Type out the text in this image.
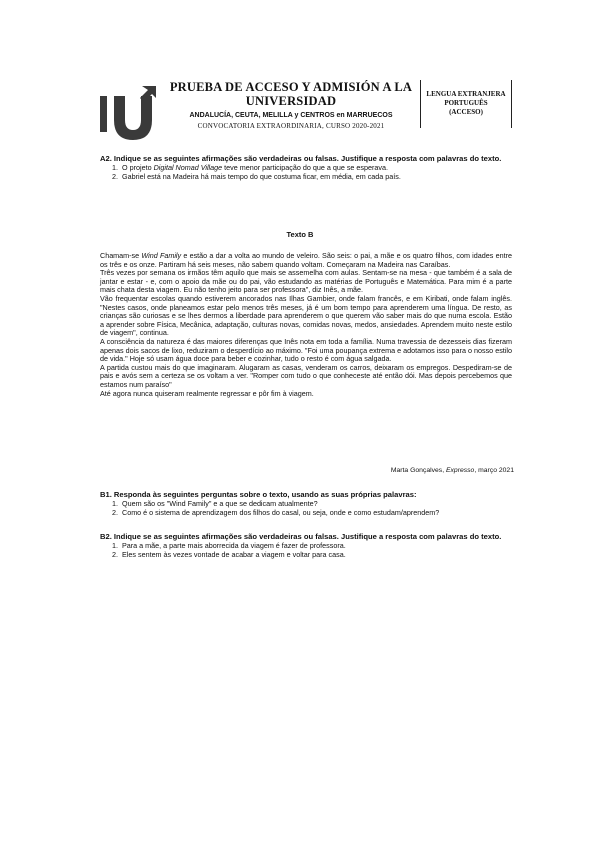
PRUEBA DE ACCESO Y ADMISIÓN A LA
UNIVERSIDAD
ANDALUCÍA, CEUTA, MELILLA y CENTROS en MARRUECOS
CONVOCATORIA EXTRAORDINARIA, CURSO 2020-2021
LENGUA EXTRANJERA
PORTUGUÊS
(ACCESO)
A2. Indique se as seguintes afirmações são verdadeiras ou falsas. Justifique a resposta com palavras do texto.
1. O projeto Digital Nomad Village teve menor participação do que a que se esperava.
2. Gabriel está na Madeira há mais tempo do que costuma ficar, em média, em cada país.
Texto B

Chamam-se Wind Family e estão a dar a volta ao mundo de veleiro. São seis: o pai, a mãe e os quatro filhos, com idades entre os três e os onze. Partiram há seis meses, não sabem quando voltam. Começaram na Madeira nas Caraíbas.

Três vezes por semana os irmãos têm aquilo que mais se assemelha com aulas. Sentam-se na mesa - que também é a sala de jantar e estar - e, com o apoio da mãe ou do pai, vão estudando as matérias de Português e Matemática. Para mim é a parte mais chata desta viagem. Eu não tenho jeito para ser professora", diz Inês, a mãe.

Vão frequentar escolas quando estiverem ancorados nas Ilhas Gambier, onde falam francês, e em Kiribati, onde falam inglês. "Nestes casos, onde planeamos estar pelo menos três meses, já é um bom tempo para aprenderem uma língua. De resto, as crianças são curiosas e se lhes dermos a liberdade para aprenderem o que querem vão saber mais do que numa escola. Estão a aprender sobre Física, Mecânica, adaptação, culturas novas, comidas novas, medos, ansiedades. Aprendem muito neste estilo de viagem", continua.

A consciência da natureza é das maiores diferenças que Inês nota em toda a família. Numa travessia de dezesseis dias fizeram apenas dois sacos de lixo, reduziram o desperdício ao máximo. "Foi uma poupança extrema e adotamos isso para o nosso estilo de vida." Hoje só usam água doce para beber e cozinhar, tudo o resto é com água salgada.

A partida custou mais do que imaginaram. Alugaram as casas, venderam os carros, deixaram os empregos. Despediram-se de pais e avós sem a certeza se os voltam a ver. "Romper com tudo o que conheceste até então dói. Mas depois percebemos que estamos num paraíso"

Até agora nunca quiseram realmente regressar e pôr fim à viagem.

Marta Gonçalves, Expresso, março 2021
B1. Responda às seguintes perguntas sobre o texto, usando as suas próprias palavras:
1. Quem são os "Wind Family" e a que se dedicam atualmente?
2. Como é o sistema de aprendizagem dos filhos do casal, ou seja, onde e como estudam/aprendem?
B2. Indique se as seguintes afirmações são verdadeiras ou falsas. Justifique a resposta com palavras do texto.
1. Para a mãe, a parte mais aborrecida da viagem é fazer de professora.
2. Eles sentem às vezes vontade de acabar a viagem e voltar para casa.
